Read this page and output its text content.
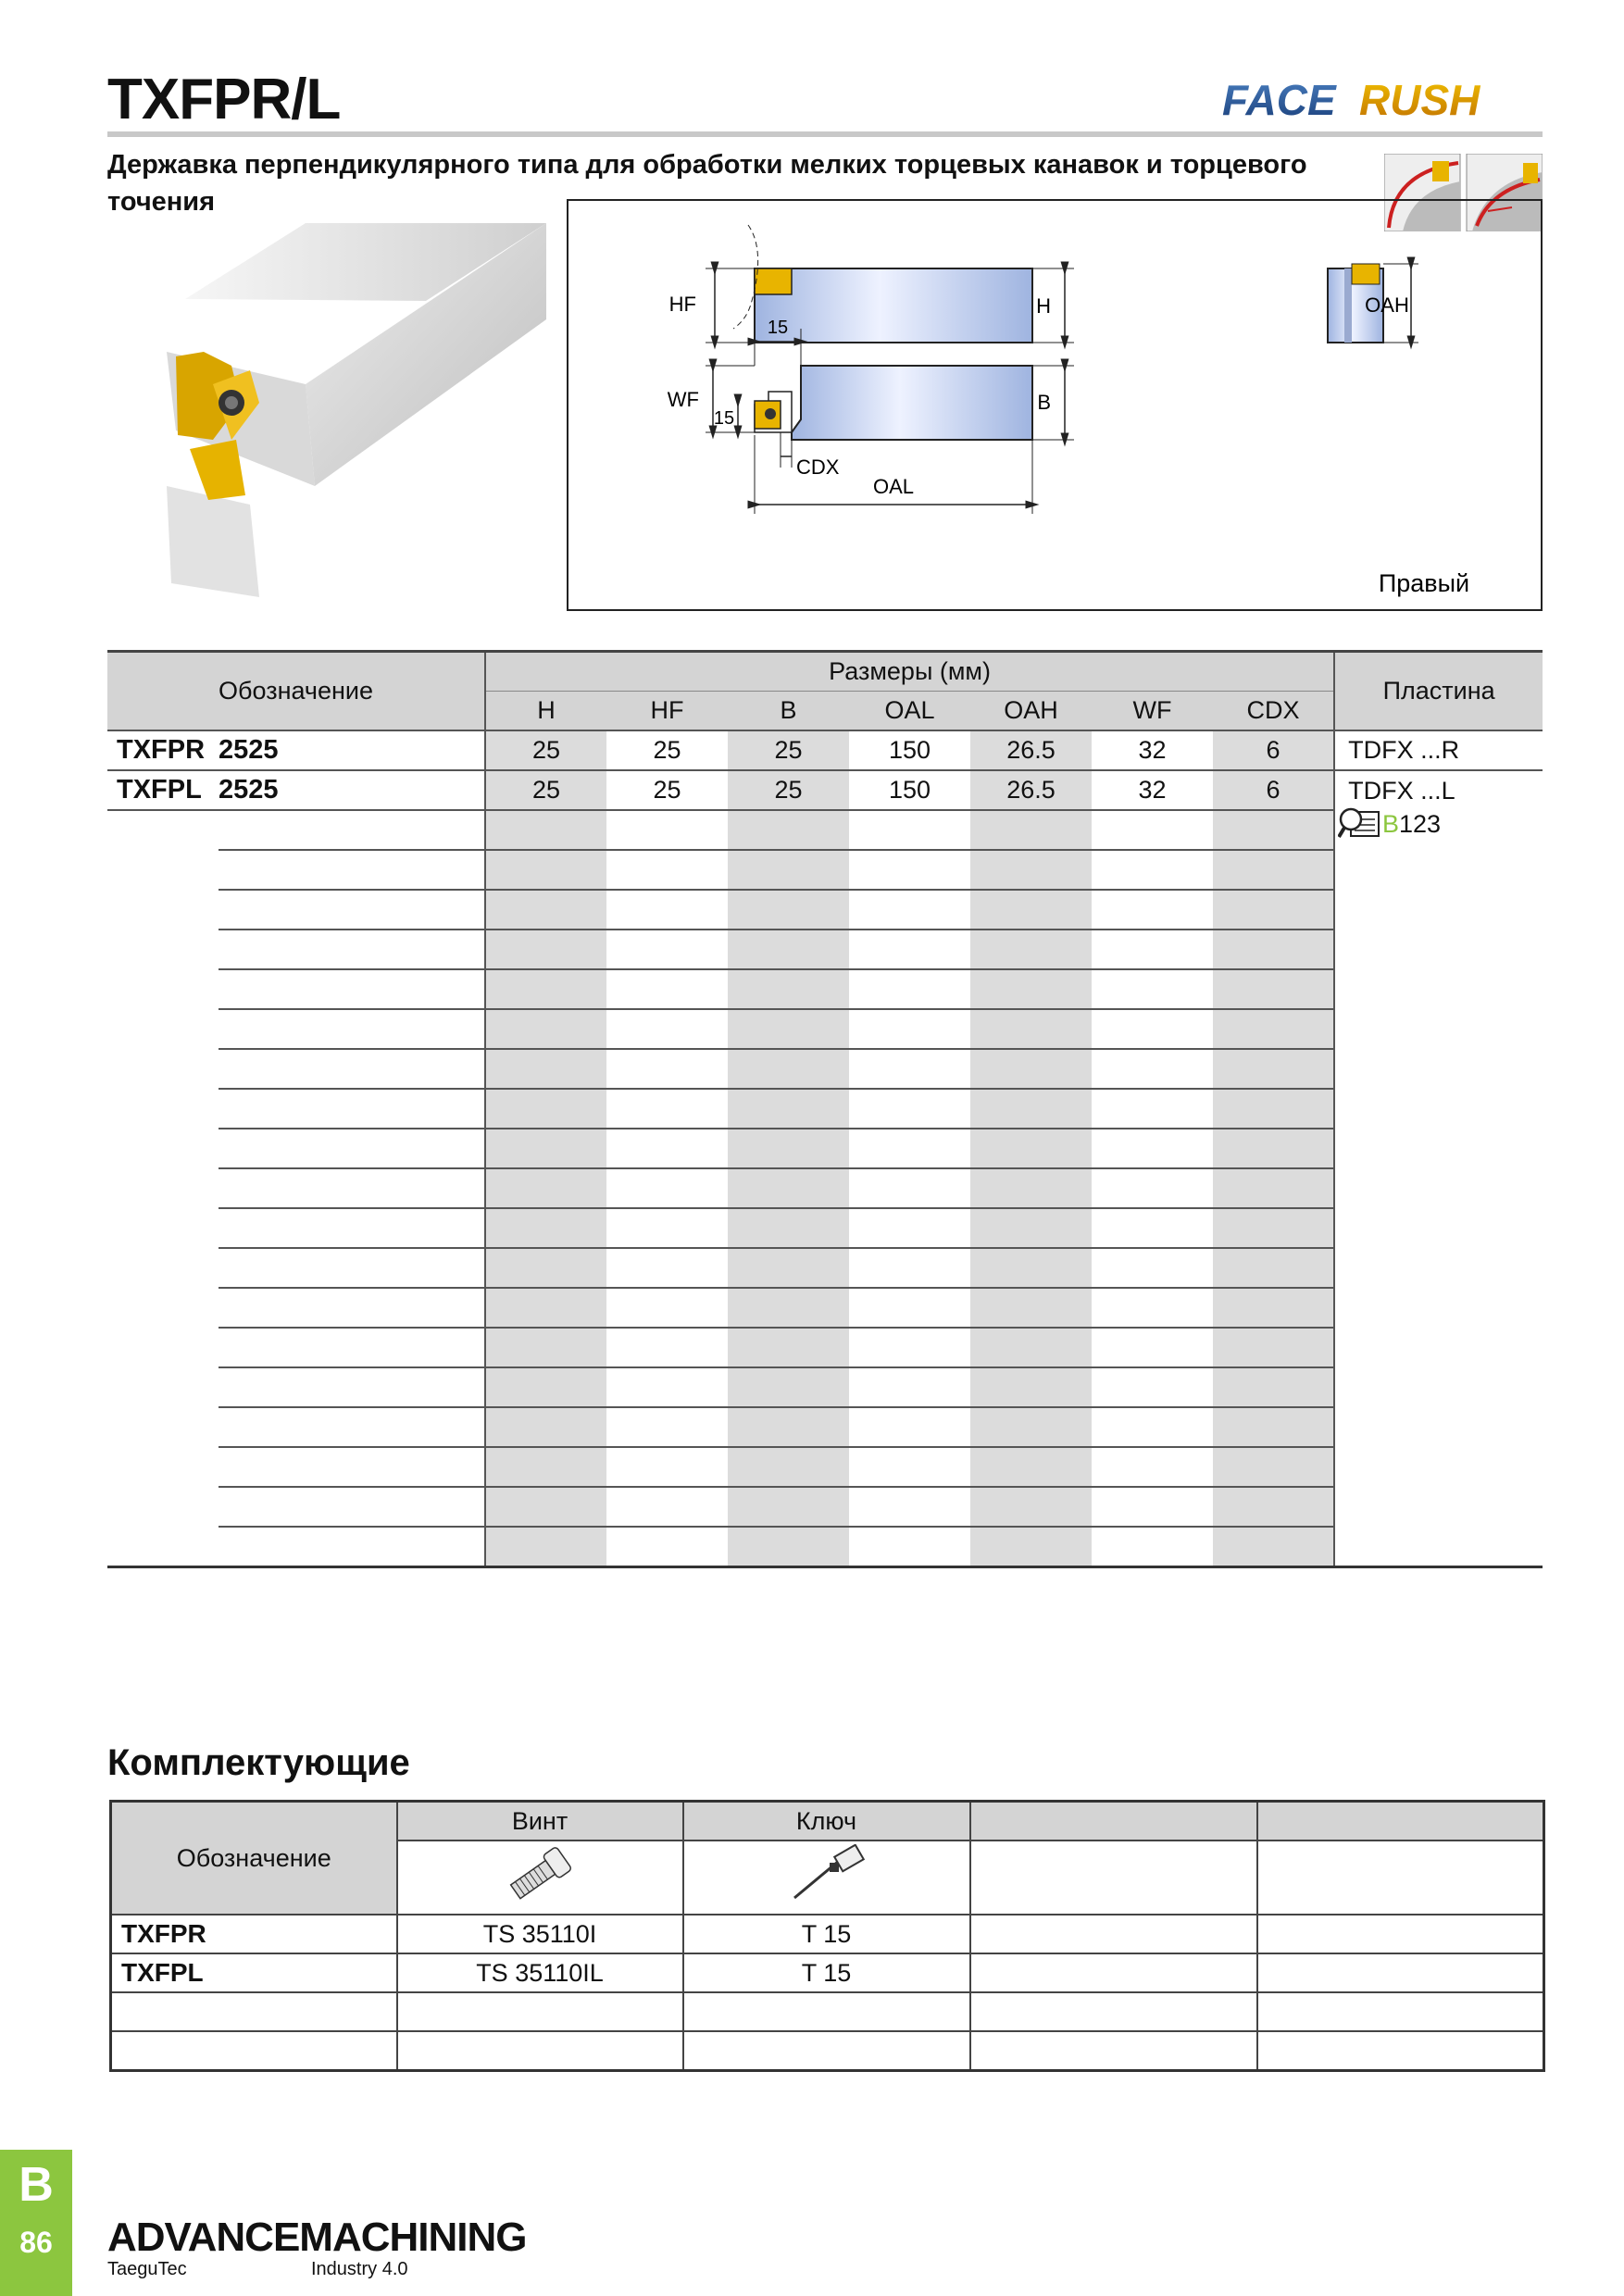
TXFPR/L	FACE RUSH
Державка перпендикулярного типа для обработки мелких торцевых канавок и торцевого точения
HF	H	OAH
15
WF
15
B
CDX
OAL
Правый
Обозначение		Размеры (мм)							Пластина
		H	HF	B	OAL	OAH	WF	CDX	
TXFPR	2525	25	25	25	150	26.5	32	6	TDFX ...R
TXFPL	2525	25	25	25	150	26.5	32	6	TDFX ...L

B 123
Комплектующие
Обозначение	Винт	Ключ		

TXFPR	TS 35110I	T 15		
TXFPL	TS 35110IL	T 15		

B
86	ADVANCEMACHINING
TaeguTec	Industry 4.0
